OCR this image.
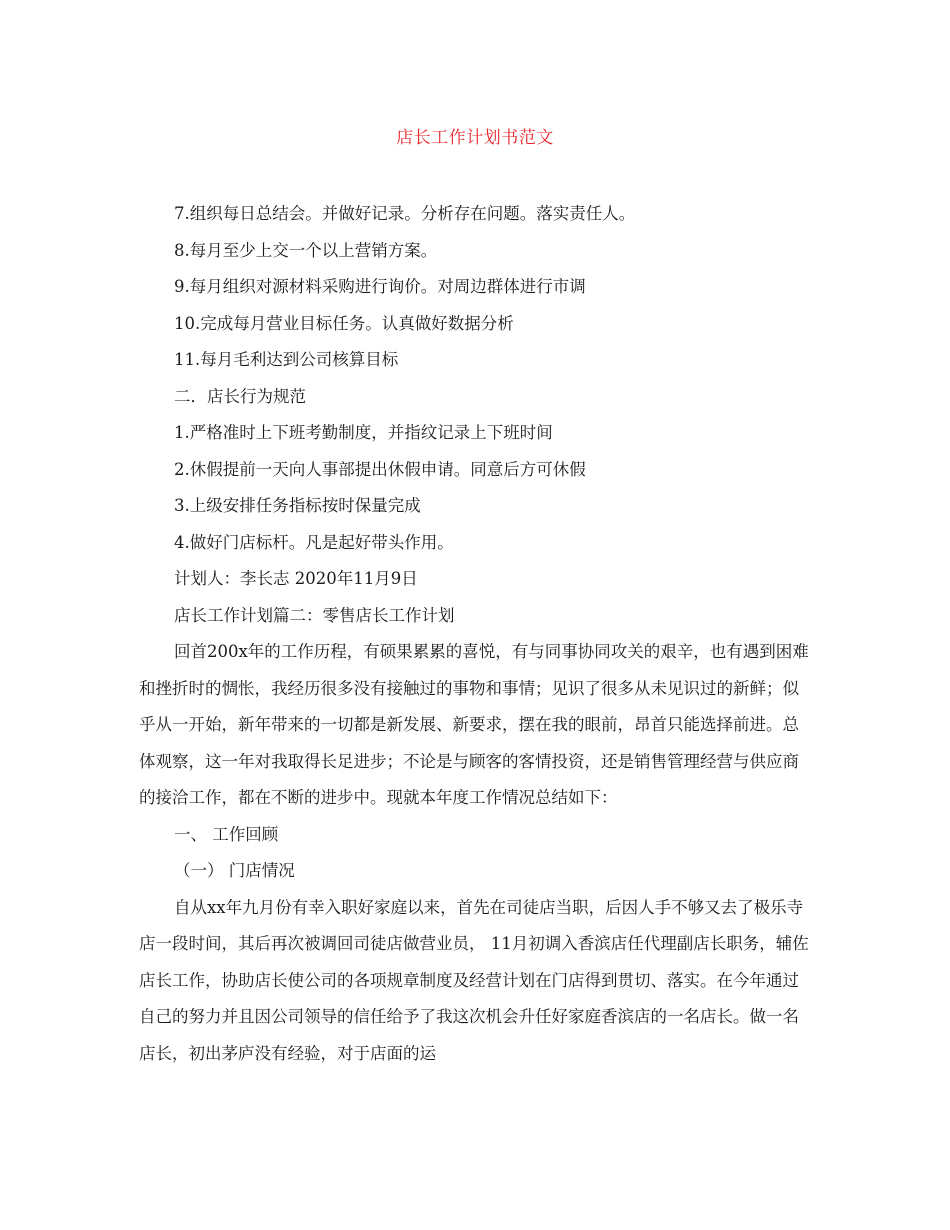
店长工作计划书范文

7.组织每日总结会。并做好记录。分析存在问题。落实责任人。

8.每月至少上交一个以上营销方案。

9.每月组织对源材料采购进行询价。对周边群体进行市调

10.完成每月营业目标任务。认真做好数据分析

11.每月毛利达到公司核算目标

二．店长行为规范

1.严格准时上下班考勤制度，并指纹记录上下班时间

2.休假提前一天向人事部提出休假申请。同意后方可休假

3.上级安排任务指标按时保量完成

4.做好门店标杆。凡是起好带头作用。

计划人：李长志 2020年11月9日

店长工作计划篇二：零售店长工作计划

回首200x年的工作历程，有硕果累累的喜悦，有与同事协同攻关的艰辛，也有遇到困难和挫折时的惆怅，我经历很多没有接触过的事物和事情；见识了很多从未见识过的新鲜；似乎从一开始，新年带来的一切都是新发展、新要求，摆在我的眼前，昂首只能选择前进。总体观察，这一年对我取得长足进步；不论是与顾客的客情投资，还是销售管理经营与供应商的接洽工作，都在不断的进步中。现就本年度工作情况总结如下：

一、 工作回顾

（一） 门店情况

自从xx年九月份有幸入职好家庭以来，首先在司徒店当职，后因人手不够又去了极乐寺店一段时间，其后再次被调回司徒店做营业员， 11月初调入香滨店任代理副店长职务，辅佐店长工作，协助店长使公司的各项规章制度及经营计划在门店得到贯切、落实。在今年通过自己的努力并且因公司领导的信任给予了我这次机会升任好家庭香滨店的一名店长。做一名店长，初出茅庐没有经验，对于店面的运
